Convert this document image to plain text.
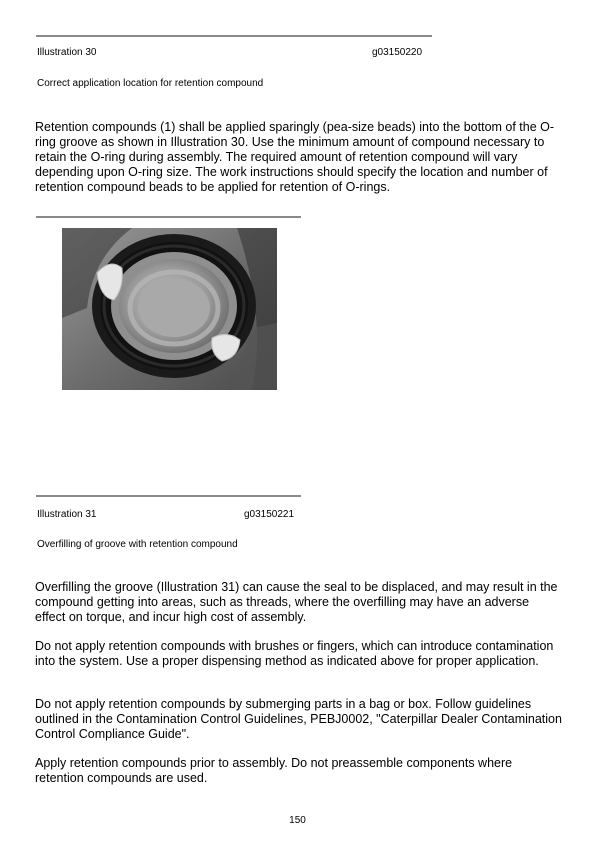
Illustration 30	g03150220
Correct application location for retention compound

Retention compounds (1) shall be applied sparingly (pea-size beads) into the bottom of the O-ring groove as shown in Illustration 30. Use the minimum amount of compound necessary to retain the O-ring during assembly. The required amount of retention compound will vary depending upon O-ring size. The work instructions should specify the location and number of retention compound beads to be applied for retention of O-rings.

Illustration 31	g03150221
Overfilling of groove with retention compound

Overfilling the groove (Illustration 31) can cause the seal to be displaced, and may result in the compound getting into areas, such as threads, where the overfilling may have an adverse effect on torque, and incur high cost of assembly.

Do not apply retention compounds with brushes or fingers, which can introduce contamination into the system. Use a proper dispensing method as indicated above for proper application.

Do not apply retention compounds by submerging parts in a bag or box. Follow guidelines outlined in the Contamination Control Guidelines, PEBJ0002, "Caterpillar Dealer Contamination Control Compliance Guide".

Apply retention compounds prior to assembly. Do not preassemble components where retention compounds are used.

150
